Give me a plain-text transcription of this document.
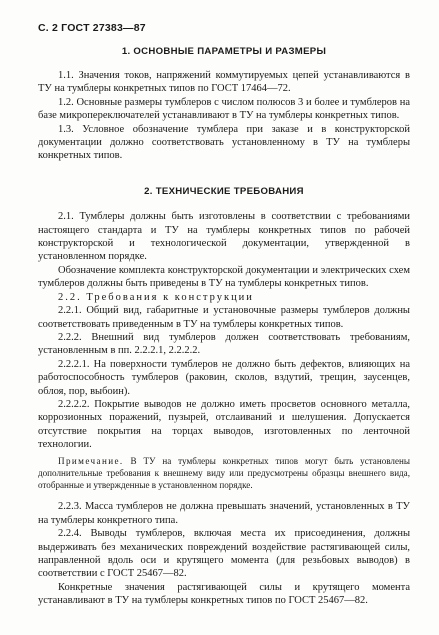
С. 2 ГОСТ 27383—87
1. ОСНОВНЫЕ ПАРАМЕТРЫ И РАЗМЕРЫ

1.1. Значения токов, напряжений коммутируемых цепей устанавливаются в ТУ на тумблеры конкретных типов по ГОСТ 17464—72.

1.2. Основные размеры тумблеров с числом полюсов 3 и более и тумблеров на базе микропереключателей устанавливают в ТУ на тумблеры конкретных типов.

1.3. Условное обозначение тумблера при заказе и в конструкторской документации должно соответствовать установленному в ТУ на тумблеры конкретных типов.

2. ТЕХНИЧЕСКИЕ ТРЕБОВАНИЯ

2.1. Тумблеры должны быть изготовлены в соответствии с требованиями настоящего стандарта и ТУ на тумблеры конкретных типов по рабочей конструкторской и технологической документации, утвержденной в установленном порядке.

Обозначение комплекта конструкторской документации и электрических схем тумблеров должны быть приведены в ТУ на тумблеры конкретных типов.

2.2. Требования к конструкции

2.2.1. Общий вид, габаритные и установочные размеры тумблеров должны соответствовать приведенным в ТУ на тумблеры конкретных типов.

2.2.2. Внешний вид тумблеров должен соответствовать требованиям, установленным в пп. 2.2.2.1, 2.2.2.2.

2.2.2.1. На поверхности тумблеров не должно быть дефектов, влияющих на работоспособность тумблеров (раковин, сколов, вздутий, трещин, заусенцев, облоя, пор, выбоин).

2.2.2.2. Покрытие выводов не должно иметь просветов основного металла, коррозионных поражений, пузырей, отслаиваний и шелушения. Допускается отсутствие покрытия на торцах выводов, изготовленных по ленточной технологии.

Примечание. В ТУ на тумблеры конкретных типов могут быть установлены дополнительные требования к внешнему виду или предусмотрены образцы внешнего вида, отобранные и утвержденные в установленном порядке.

2.2.3. Масса тумблеров не должна превышать значений, установленных в ТУ на тумблеры конкретного типа.

2.2.4. Выводы тумблеров, включая места их присоединения, должны выдерживать без механических повреждений воздействие растягивающей силы, направленной вдоль оси и крутящего момента (для резьбовых выводов) в соответствии с ГОСТ 25467—82.

Конкретные значения растягивающей силы и крутящего момента устанавливают в ТУ на тумблеры конкретных типов по ГОСТ 25467—82.
